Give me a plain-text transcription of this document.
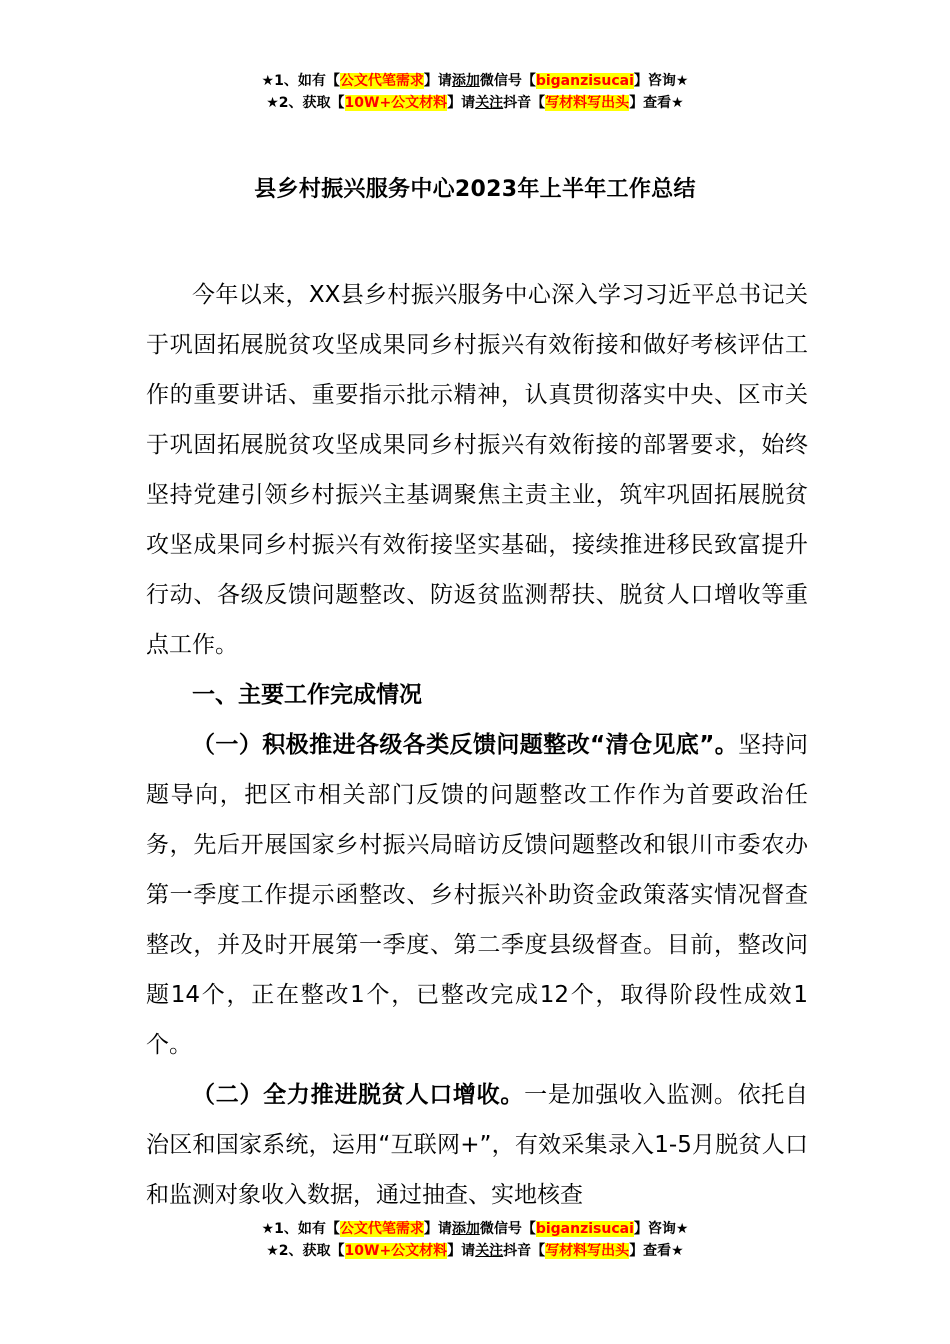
★1、如有【公文代笔需求】请添加微信号【biganzisucai】咨询★
★2、获取【10W+公文材料】请关注抖音【写材料写出头】查看★
县乡村振兴服务中心2023年上半年工作总结

今年以来，XX县乡村振兴服务中心深入学习习近平总书记关于巩固拓展脱贫攻坚成果同乡村振兴有效衔接和做好考核评估工作的重要讲话、重要指示批示精神，认真贯彻落实中央、区市关于巩固拓展脱贫攻坚成果同乡村振兴有效衔接的部署要求，始终坚持党建引领乡村振兴主基调聚焦主责主业，筑牢巩固拓展脱贫攻坚成果同乡村振兴有效衔接坚实基础，接续推进移民致富提升行动、各级反馈问题整改、防返贫监测帮扶、脱贫人口增收等重点工作。

一、主要工作完成情况

（一）积极推进各级各类反馈问题整改“清仓见底”。坚持问题导向，把区市相关部门反馈的问题整改工作作为首要政治任务，先后开展国家乡村振兴局暗访反馈问题整改和银川市委农办第一季度工作提示函整改、乡村振兴补助资金政策落实情况督查整改，并及时开展第一季度、第二季度县级督查。目前，整改问题14个，正在整改1个，已整改完成12个，取得阶段性成效1个。

（二）全力推进脱贫人口增收。一是加强收入监测。依托自治区和国家系统，运用“互联网+”，有效采集录入1-5月脱贫人口和监测对象收入数据，通过抽查、实地核查

★1、如有【公文代笔需求】请添加微信号【biganzisucai】咨询★
★2、获取【10W+公文材料】请关注抖音【写材料写出头】查看★
